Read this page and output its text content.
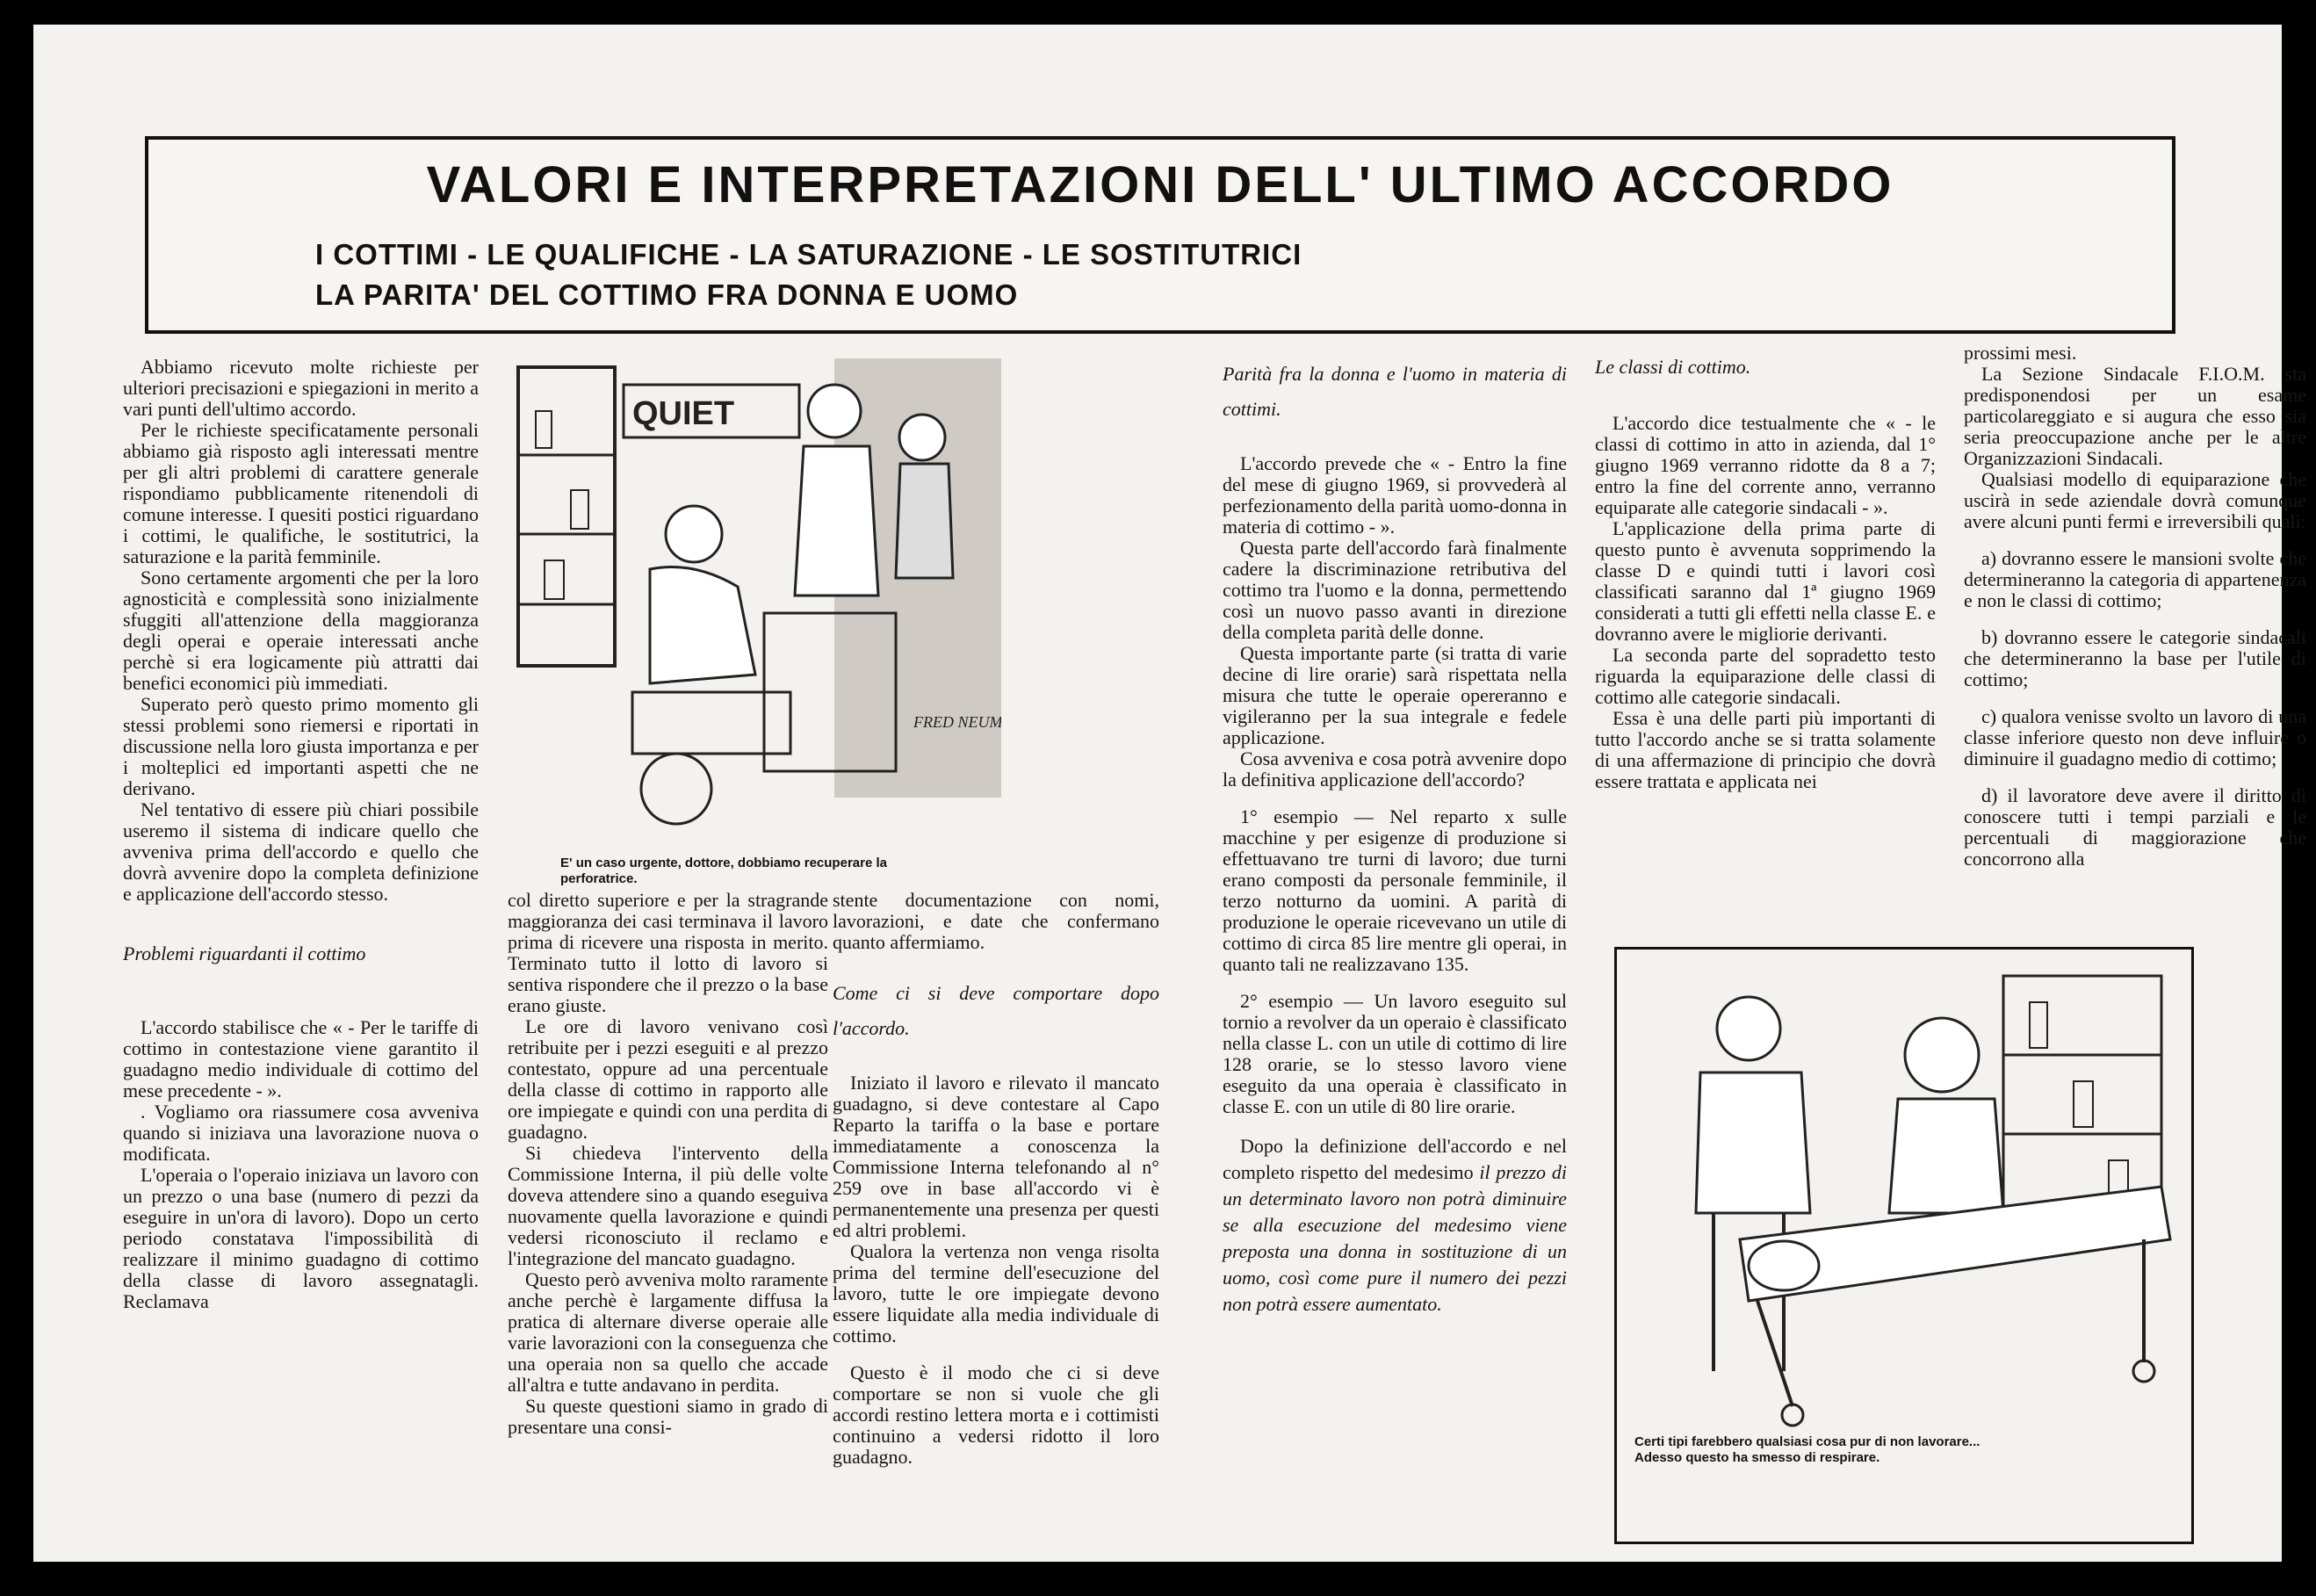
VALORI E INTERPRETAZIONI DELL' ULTIMO ACCORDO
I COTTIMI - LE QUALIFICHE - LA SATURAZIONE - LE SOSTITUTRICI
LA PARITA' DEL COTTIMO FRA DONNA E UOMO

Abbiamo ricevuto molte richieste per ulteriori precisazioni e spiegazioni in merito a vari punti dell'ultimo accordo.

Per le richieste specificatamente personali abbiamo già risposto agli interessati mentre per gli altri problemi di carattere generale rispondiamo pubblicamente ritenendoli di comune interesse. I quesiti postici riguardano i cottimi, le qualifiche, le sostitutrici, la saturazione e la parità femminile.

Sono certamente argomenti che per la loro agnosticità e complessità sono inizialmente sfuggiti all'attenzione della maggioranza degli operai e operaie interessati anche perchè si era logicamente più attratti dai benefici economici più immediati.

Superato però questo primo momento gli stessi problemi sono riemersi e riportati in discussione nella loro giusta importanza e per i molteplici ed importanti aspetti che ne derivano.

Nel tentativo di essere più chiari possibile useremo il sistema di indicare quello che avveniva prima dell'accordo e quello che dovrà avvenire dopo la completa definizione e applicazione dell'accordo stesso.

Problemi riguardanti il cottimo

L'accordo stabilisce che « - Per le tariffe di cottimo in contestazione viene garantito il guadagno medio individuale di cottimo del mese precedente - ».

. Vogliamo ora riassumere cosa avveniva quando si iniziava una lavorazione nuova o modificata.

L'operaia o l'operaio iniziava un lavoro con un prezzo o una base (numero di pezzi da eseguire in un'ora di lavoro). Dopo un certo periodo constatava l'impossibilità di realizzare il minimo guadagno di cottimo della classe di lavoro assegnatagli. Reclamava

QUIET
FRED NEUM
E' un caso urgente, dottore, dobbiamo recuperare la perforatrice.

col diretto superiore e per la stragrande maggioranza dei casi terminava il lavoro prima di ricevere una risposta in merito. Terminato tutto il lotto di lavoro si sentiva rispondere che il prezzo o la base erano giuste.

Le ore di lavoro venivano così retribuite per i pezzi eseguiti e al prezzo contestato, oppure ad una percentuale della classe di cottimo in rapporto alle ore impiegate e quindi con una perdita di guadagno.

Si chiedeva l'intervento della Commissione Interna, il più delle volte doveva attendere sino a quando eseguiva nuovamente quella lavorazione e quindi vedersi riconosciuto il reclamo e l'integrazione del mancato guadagno.

Questo però avveniva molto raramente anche perchè è largamente diffusa la pratica di alternare diverse operaie alle varie lavorazioni con la conseguenza che una operaia non sa quello che accade all'altra e tutte andavano in perdita.

Su queste questioni siamo in grado di presentare una consi-

stente documentazione con nomi, lavorazioni, e date che confermano quanto affermiamo.

Come ci si deve comportare dopo l'accordo.

Iniziato il lavoro e rilevato il mancato guadagno, si deve contestare al Capo Reparto la tariffa o la base e portare immediatamente a conoscenza la Commissione Interna telefonando al n° 259 ove in base all'accordo vi è permanentemente una presenza per questi ed altri problemi.

Qualora la vertenza non venga risolta prima del termine dell'esecuzione del lavoro, tutte le ore impiegate devono essere liquidate alla media individuale di cottimo.

Questo è il modo che ci si deve comportare se non si vuole che gli accordi restino lettera morta e i cottimisti continuino a vedersi ridotto il loro guadagno.

Parità fra la donna e l'uomo in materia di cottimi.

L'accordo prevede che « - Entro la fine del mese di giugno 1969, si provvederà al perfezionamento della parità uomo-donna in materia di cottimo - ».

Questa parte dell'accordo farà finalmente cadere la discriminazione retributiva del cottimo tra l'uomo e la donna, permettendo così un nuovo passo avanti in direzione della completa parità delle donne.

Questa importante parte (si tratta di varie decine di lire orarie) sarà rispettata nella misura che tutte le operaie opereranno e vigileranno per la sua integrale e fedele applicazione.

Cosa avveniva e cosa potrà avvenire dopo la definitiva applicazione dell'accordo?

1° esempio — Nel reparto x sulle macchine y per esigenze di produzione si effettuavano tre turni di lavoro; due turni erano composti da personale femminile, il terzo notturno da uomini. A parità di produzione le operaie ricevevano un utile di cottimo di circa 85 lire mentre gli operai, in quanto tali ne realizzavano 135.

2° esempio — Un lavoro eseguito sul tornio a revolver da un operaio è classificato nella classe L. con un utile di cottimo di lire 128 orarie, se lo stesso lavoro viene eseguito da una operaia è classificato in classe E. con un utile di 80 lire orarie.

Dopo la definizione dell'accordo e nel completo rispetto del medesimo il prezzo di un determinato lavoro non potrà diminuire se alla esecuzione del medesimo viene preposta una donna in sostituzione di un uomo, così come pure il numero dei pezzi non potrà essere aumentato.

Le classi di cottimo.

L'accordo dice testualmente che « - le classi di cottimo in atto in azienda, dal 1° giugno 1969 verranno ridotte da 8 a 7; entro la fine del corrente anno, verranno equiparate alle categorie sindacali - ».

L'applicazione della prima parte di questo punto è avvenuta sopprimendo la classe D e quindi tutti i lavori così classificati saranno dal 1ª giugno 1969 considerati a tutti gli effetti nella classe E. e dovranno avere le migliorie derivanti.

La seconda parte del sopradetto testo riguarda la equiparazione delle classi di cottimo alle categorie sindacali.

Essa è una delle parti più importanti di tutto l'accordo anche se si tratta solamente di una affermazione di principio che dovrà essere trattata e applicata nei

prossimi mesi.

La Sezione Sindacale F.I.O.M. sta predisponendosi per un esame particolareggiato e si augura che esso sia seria preoccupazione anche per le altre Organizzazioni Sindacali.

Qualsiasi modello di equiparazione che uscirà in sede aziendale dovrà comunque avere alcuni punti fermi e irreversibili quali:

a) dovranno essere le mansioni svolte che determineranno la categoria di appartenenza e non le classi di cottimo;

b) dovranno essere le categorie sindacali che determineranno la base per l'utile di cottimo;

c) qualora venisse svolto un lavoro di una classe inferiore questo non deve influire o diminuire il guadagno medio di cottimo;

d) il lavoratore deve avere il diritto di conoscere tutti i tempi parziali e le percentuali di maggiorazione che concorrono alla

Certi tipi farebbero qualsiasi cosa pur di non lavorare... Adesso questo ha smesso di respirare.
